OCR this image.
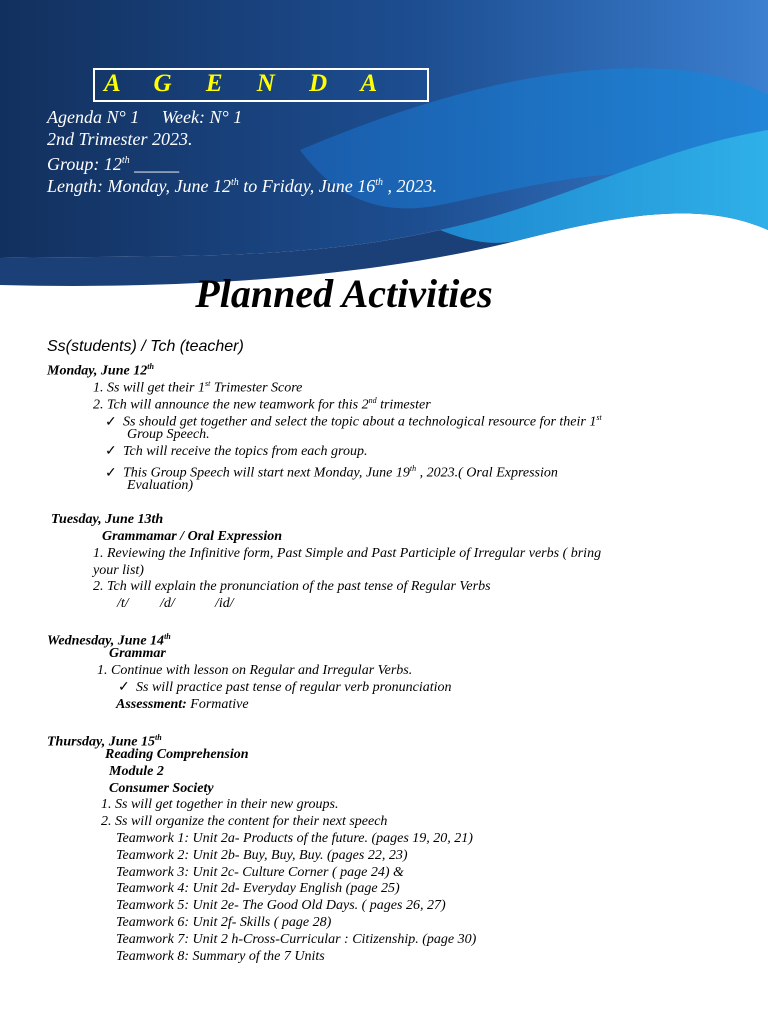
A G E N D A
Agenda N° 1 Week: N° 1
2nd Trimester 2023.
Group: 12th _____
Length: Monday, June 12th to Friday, June 16th , 2023.
Planned Activities
Ss(students) / Tch (teacher)
Monday, June 12th
1. Ss will get their 1st Trimester Score
2. Tch will announce the new teamwork for this 2nd trimester
✓ Ss should get together and select the topic about a technological resource for their 1st
Group Speech.
✓ Tch will receive the topics from each group.
✓ This Group Speech will start next Monday, June 19th , 2023.( Oral Expression
Evaluation)
Tuesday, June 13th
Grammamar / Oral Expression
1. Reviewing the Infinitive form, Past Simple and Past Participle of Irregular verbs ( bring
your list)
2. Tch will explain the pronunciation of the past tense of Regular Verbs
/t/ /d/	/id/
Wednesday, June 14th
Grammar
1. Continue with lesson on Regular and Irregular Verbs.
✓ Ss will practice past tense of regular verb pronunciation
Assessment: Formative
Thursday, June 15th
Reading Comprehension
Module 2
Consumer Society
1. Ss will get together in their new groups.
2. Ss will organize the content for their next speech
Teamwork 1: Unit 2a- Products of the future. (pages 19, 20, 21)
Teamwork 2: Unit 2b- Buy, Buy, Buy. (pages 22, 23)
Teamwork 3: Unit 2c- Culture Corner ( page 24) &
Teamwork 4: Unit 2d- Everyday English (page 25)
Teamwork 5: Unit 2e- The Good Old Days. ( pages 26, 27)
Teamwork 6: Unit 2f- Skills ( page 28)
Teamwork 7: Unit 2 h-Cross-Curricular : Citizenship. (page 30)
Teamwork 8: Summary of the 7 Units
